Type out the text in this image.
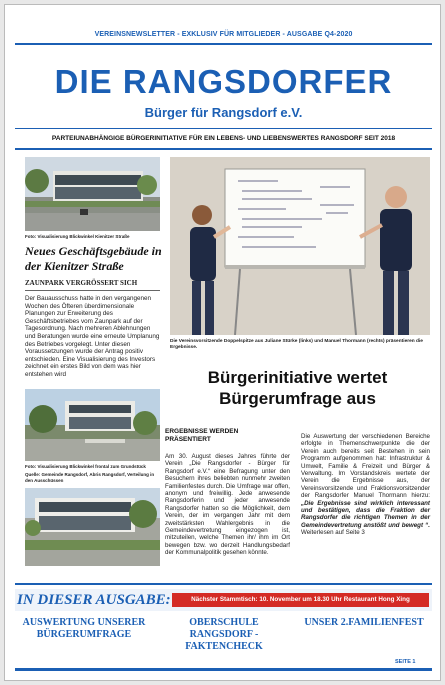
VEREINSNEWSLETTER - EXKLUSIV FÜR MITGLIEDER - AUSGABE Q4-2020
DIE RANGSDORFER
Bürger für Rangsdorf e.V.
PARTEIUNABHÄNGIGE BÜRGERINITIATIVE FÜR EIN LEBENS- UND LIEBENSWERTES RANGSDORF SEIT 2018
Foto: Visualisierung Blickwinkel Kienitzer Straße
Neues Geschäftsgebäude in der Kienitzer Straße
ZAUNPARK VERGRÖSSERT SICH
Der Bauausschuss hatte in den vergangenen Wochen des Öfteren überdimensionale Planungen zur Erweiterung des Geschäftsbetriebes vom Zaunpark auf der Tagesordnung. Nach mehreren Ablehnungen und Beratungen wurde eine erneute Umplanung des Betriebes vorgelegt. Unter diesen Voraussetzungen wurde der Antrag positiv entschieden. Eine Visualisierung des Investors zeichnet ein erstes Bild von dem was hier entstehen wird
Foto: Visualisierung Blickwinkel frontal zum Grundstück
Quelle: Gemeinde Rangsdorf, Abris Rangsdorf, Verteilung in den Ausschüssen
Die Vereinsvorsitzende Doppelspitze aus Juliane Stürke (links) und Manuel Thormann (rechts) präsentieren die Ergebnisse.
Bürgerinitiative wertet Bürgerumfrage aus
ERGEBNISSE WERDEN PRÄSENTIERT
Am 30. August dieses Jahres führte der Verein „Die Rangsdorfer - Bürger für Rangsdorf e.V.“ eine Befragung unter den Besuchern ihres beliebten nunmehr zweiten Familienfestes durch. Die Umfrage war offen, anonym und freiwillig. Jede anwesende Rangsdorferin und jeder anwesende Rangsdorfer hatten so die Möglichkeit, dem Verein, der im vergangen Jahr mit dem zweitstärksten Wahlergebnis in die Gemeindevertretung eingezogen ist, mitzuteilen, welche Themen ihr/ ihm im Ort bewegen bzw. wo derzeit Handlungsbedarf der Kommunalpolitik gesehen könnte.
Die Auswertung der verschiedenen Bereiche erfolgte in Themenschwerpunkte die der Verein auch bereits seit Bestehen in sein Programm aufgenommen hat: Infrastruktur & Umwelt, Familie & Freizeit und Bürger & Verwaltung. Im Vorstandskreis wertete der Verein die Ergebnisse aus, der Vereinsvorsitzende und Fraktionsvorsitzender der Rangsdorfer Manuel Thormann hierzu: „Die Ergebnisse sind wirklich interessant und bestätigen, dass die Fraktion der Rangsdorfer die richtigen Themen in der Gemeindevertretung anstößt und bewegt “. Weiterlesen auf Seite 3
IN DIESER AUSGABE:	Nächster Stammtisch: 10. November um 18.30 Uhr Restaurant Hong Xing
AUSWERTUNG UNSERER BÜRGERUMFRAGE
OBERSCHULE RANGSDORF - FAKTENCHECK
UNSER 2.FAMILIENFEST
SEITE 1
